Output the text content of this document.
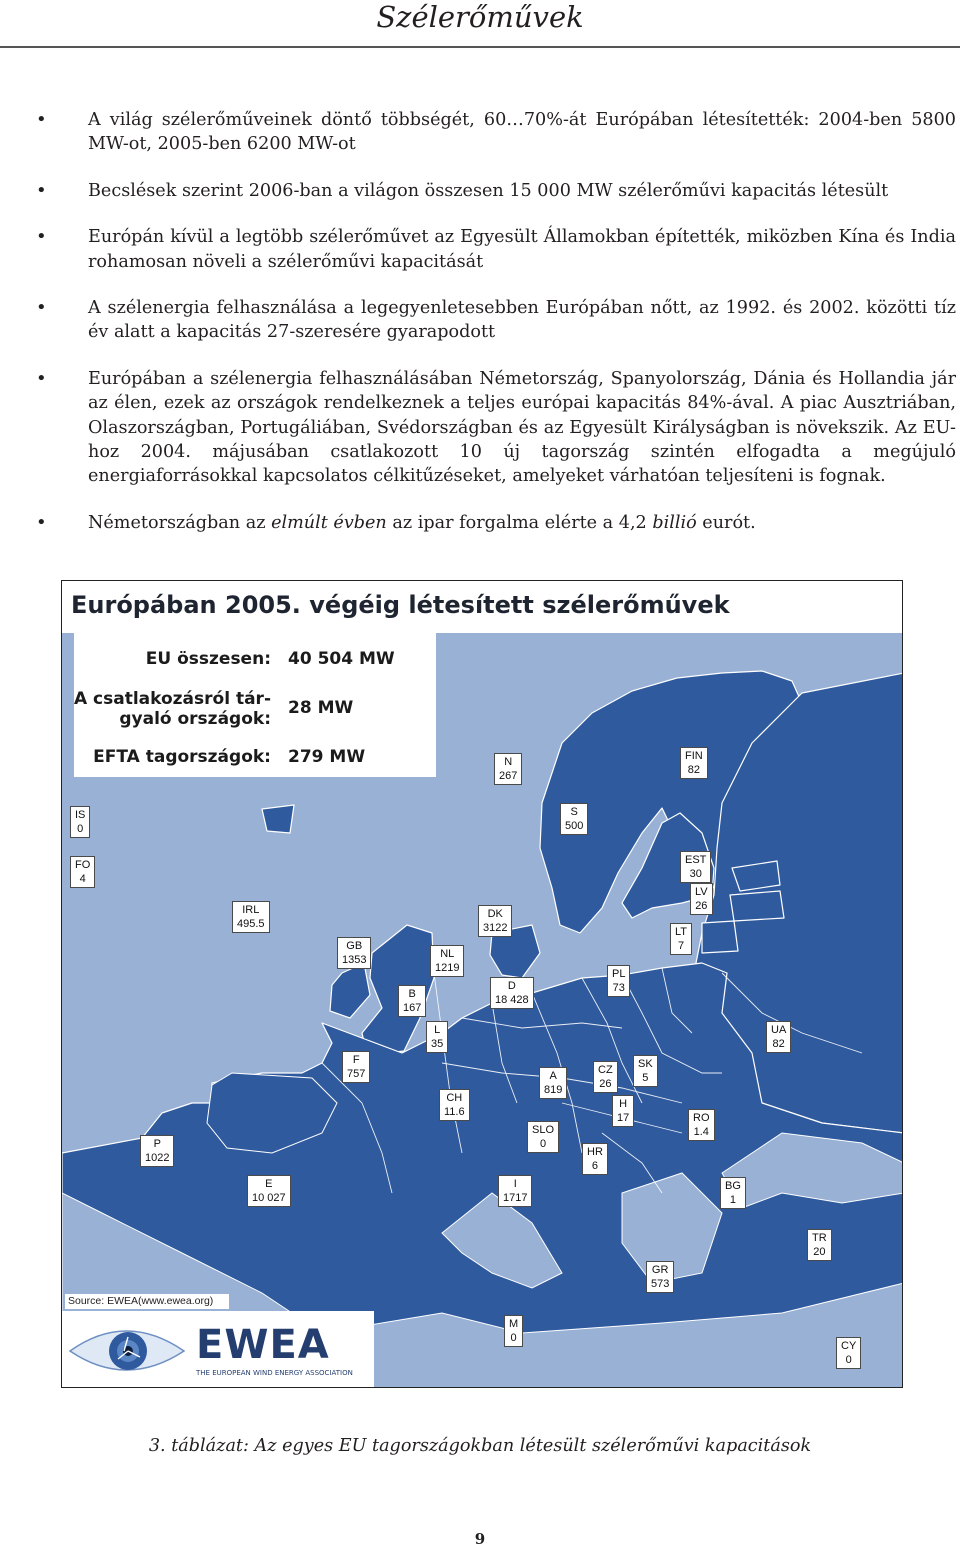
Szélerőművek
• A világ szélerőműveinek döntő többségét, 60…70%-át Európában létesítették: 2004-ben 5800 MW-ot, 2005-ben 6200 MW-ot
• Becslések szerint 2006-ban a világon összesen 15 000 MW szélerőművi kapacitás létesült
• Európán kívül a legtöbb szélerőművet az Egyesült Államokban építették, miközben Kína és India rohamosan növeli a szélerőművi kapacitását
• A szélenergia felhasználása a legegyenletesebben Európában nőtt, az 1992. és 2002. közötti tíz év alatt a kapacitás 27-szeresére gyarapodott
• Európában a szélenergia felhasználásában Németország, Spanyolország, Dánia és Hollandia jár az élen, ezek az országok rendelkeznek a teljes európai kapacitás 84%-ával. A piac Ausztriában, Olaszországban, Portugáliában, Svédországban és az Egyesült Királyságban is növekszik. Az EU-hoz 2004. májusában csatlakozott 10 új tagország szintén elfogadta a megújuló energiaforrásokkal kapcsolatos célkitűzéseket, amelyeket várhatóan teljesíteni is fognak.
• Németországban az elmúlt évben az ipar forgalma elérte a 4,2 billió eurót.
Európában 2005. végéig létesített szélerőművek
EU összesen: 40 504 MW
A csatlakozásról tár-
gyaló országok:
28 MW
EFTA tagországok: 279 MW
IS
0
FO
4
N
267
FIN
82
S
500
EST
30
LV
26
IRL
495.5
DK
3122	LT
7
GB
1353	NL
1219	PL
73
D
18 428
B
167
L
35
UA
82
F
757	CZ
26
SK
5
A
819
CH
11.6
H
17	RO
1.4
SLO
0
P
1022	HR
6
E
10 027
I
1717
BG
1
TR
20
GR
573
M
0
CY
0
Source: EWEA(www.ewea.org)
EWEA
THE EUROPEAN WIND ENERGY ASSOCIATION
3. táblázat: Az egyes EU tagországokban létesült szélerőművi kapacitások
9
